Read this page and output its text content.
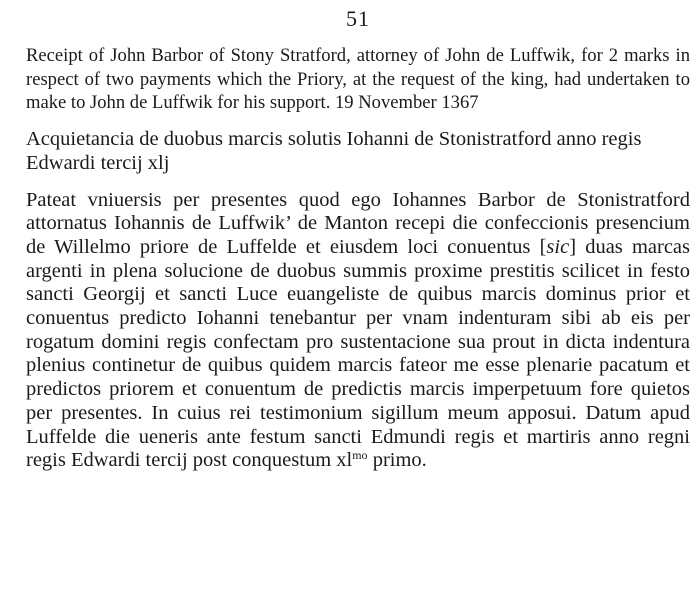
51

Receipt of John Barbor of Stony Stratford, attorney of John de Luffwik, for 2 marks in respect of two payments which the Priory, at the request of the king, had undertaken to make to John de Luffwik for his support. 19 November 1367

Acquietancia de duobus marcis solutis Iohanni de Stonistratford anno regis Edwardi tercij xlj

Pateat vniuersis per presentes quod ego Iohannes Barbor de Stonistratford attornatus Iohannis de Luffwik’ de Manton recepi die confeccionis presencium de Willelmo priore de Luffelde et eiusdem loci conuentus [sic] duas marcas argenti in plena solucione de duobus summis proxime prestitis scilicet in festo sancti Georgij et sancti Luce euangeliste de quibus marcis dominus prior et conuentus predicto Iohanni tenebantur per vnam indenturam sibi ab eis per rogatum domini regis confectam pro sustentacione sua prout in dicta indentura plenius continetur de quibus quidem marcis fateor me esse plenarie pacatum et predictos priorem et conuentum de predictis marcis imperpetuum fore quietos per presentes. In cuius rei testimonium sigillum meum apposui. Datum apud Luffelde die ueneris ante festum sancti Edmundi regis et martiris anno regni regis Edwardi tercij post conquestum $xl^{mo}$ primo.
